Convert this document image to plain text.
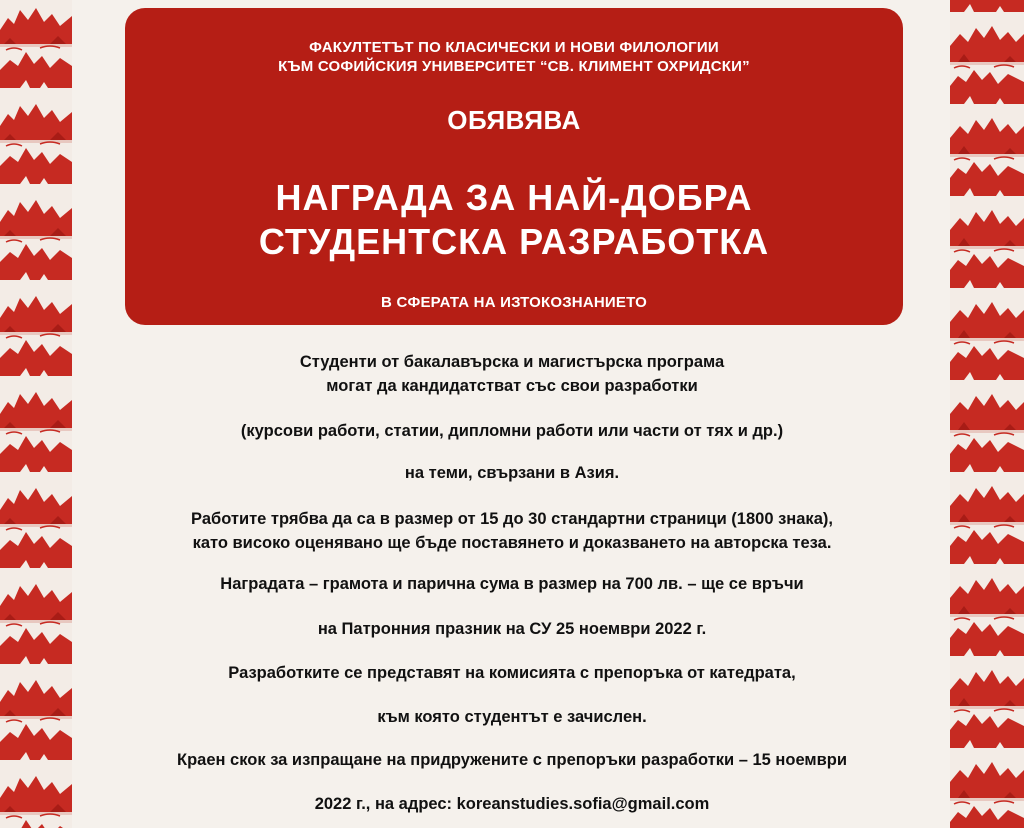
ФАКУЛТЕТЪТ ПО КЛАСИЧЕСКИ И НОВИ ФИЛОЛОГИИ
КЪМ СОФИЙСКИЯ УНИВЕРСИТЕТ “СВ. КЛИМЕНТ ОХРИДСКИ”
ОБЯВЯВА
НАГРАДА ЗА НАЙ-ДОБРА
СТУДЕНТСКА РАЗРАБОТКА
В СФЕРАТА НА ИЗТОКОЗНАНИЕТО
Студенти от бакалавърска и магистърска програма
могат да кандидатстват със свои разработки
(курсови работи, статии, дипломни работи или части от тях и др.)
на теми, свързани в Азия.
Работите трябва да са в размер от 15 до 30 стандартни страници (1800 знака),
като високо оценявано ще бъде поставянето и доказването на авторска теза.
Наградата – грамота и парична сума в размер на 700 лв. – ще се връчи
на Патронния празник на СУ 25 ноември 2022 г.
Разработките се представят на комисията с препоръка от катедрата,
към която студентът е зачислен.
Краен скок за изпращане на придружените с препоръки разработки – 15 ноември
2022 г., на адрес: koreanstudies.sofia@gmail.com
